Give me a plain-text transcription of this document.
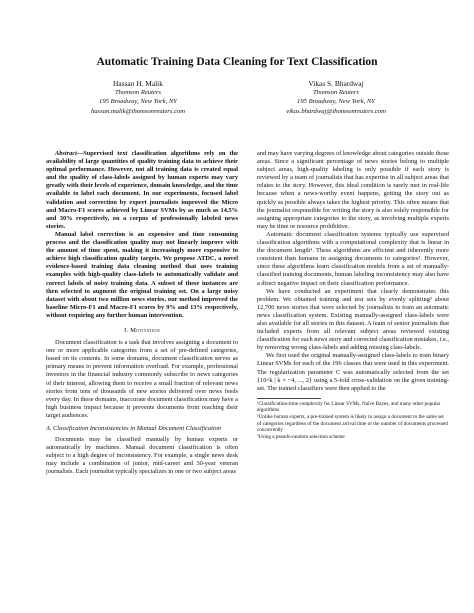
Automatic Training Data Cleaning for Text Classification
Hassan H. Malik
Thomson Reuters
195 Broadway, New York, NY
hassan.malik@thomsonreuters.com
Vikas S. Bhardwaj
Thomson Reuters
195 Broadway, New York, NY
vikas.bhardwaj@thomsonreuters.com

Abstract—Supervised text classification algorithms rely on the availability of large quantities of quality training data to achieve their optimal performance. However, not all training data is created equal and the quality of class-labels assigned by human experts may vary greatly with their levels of experience, domain knowledge, and the time available to label each document. In our experiments, focused label validation and correction by expert journalists improved the Micro and Macro-F1 scores achieved by Linear SVMs by as much as 14.5% and 30% respectively, on a corpus of professionally labeled news stories.

Manual label correction is an expensive and time consuming process and the classification quality may not linearly improve with the amount of time spent, making it increasingly more expensive to achieve high classification quality targets. We propose ATDC, a novel evidence-based training data cleaning method that uses training examples with high-quality class-labels to automatically validate and correct labels of noisy training data. A subset of these instances are then selected to augment the original training set. On a large noisy dataset with about two million news stories, our method improved the baseline Micro-F1 and Macro-F1 scores by 9% and 13% respectively, without requiring any further human intervention.

I. Motivation

Document classification is a task that involves assigning a document to one or more applicable categories from a set of pre-defined categories, based on its contents. In some domains, document classification serves as primary means to prevent information overload. For example, professional investors in the financial industry commonly subscribe to news categories of their interest, allowing them to receive a small fraction of relevant news stories from tens of thousands of new stories delivered over news feeds every day. In these domains, inaccurate document classification may have a high business impact because it prevents documents from reaching their target audiences.

A. Classification Inconsistencies in Manual Document Classification

Documents may be classified manually by human experts or automatically by machines. Manual document classification is often subject to a high degree of inconsistency. For example, a single news desk may include a combination of junior, mid-career and 30-year veteran journalists. Each journalist typically specializes in one or two subject areas

and may have varying degrees of knowledge about categories outside those areas. Since a significant percentage of news stories belong to multiple subject areas, high-quality labeling is only possible if each story is reviewed by a team of journalists that has expertise in all subject areas that relates to the story. However, this ideal condition is rarely met in real-life because when a news-worthy event happens, getting the story out as quickly as possible always takes the highest priority. This often means that the journalist responsible for writing the story is also solely responsible for assigning appropriate categories to the story, as involving multiple experts may be time or resource prohibitive.

Automatic document classification systems typically use supervised classification algorithms with a computational complexity that is linear in the document length¹. These algorithms are efficient and inherently more consistent than humans in assigning documents to categories². However, since these algorithms learn classification models from a set of manually-classified training documents, human labeling inconsistency may also have a direct negative impact on their classification performance.

We have conducted an experiment that clearly demonstrates this problem. We obtained training and test sets by evenly splitting³ about 12,700 news stories that were selected by journalists to train an automatic news classification system. Existing manually-assigned class-labels were also available for all stories in this dataset. A team of senior journalists that included experts from all relevant subject areas reviewed existing classification for each news story and corrected classification mistakes, i.e., by removing wrong class-labels and adding missing class-labels.

We first used the original manually-assigned class-labels to train binary Linear SVMs for each of the 196 classes that were used in this experiment. The regularization parameter C was automatically selected from the set {10^k | k = −4, ..., 2} using a 5-fold cross-validation on the given training-set. The trained classifiers were then applied to the

¹Classification-time complexity for Linear SVMs, Naïve Bayes, and many other popular algorithms

²Unlike human experts, a pre-trained system is likely to assign a document to the same set of categories regardless of the document arrival time or the number of documents processed concurrently

³Using a pseudo-random selection scheme
